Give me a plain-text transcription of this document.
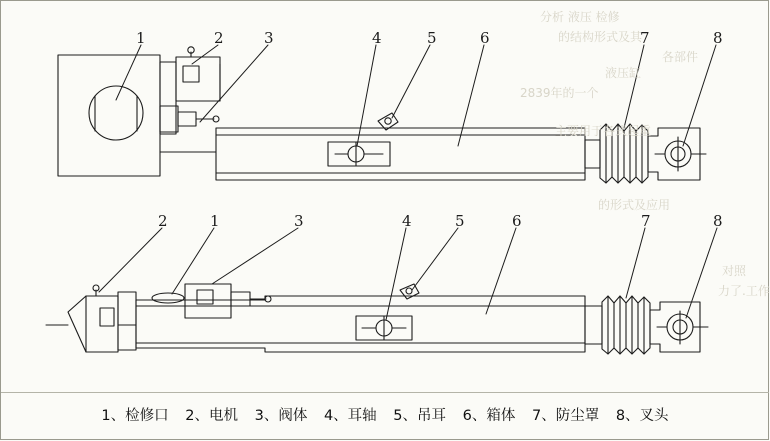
分析 液压 检修
的结构形式及其
各部件
液压缸
2839年的一个
主要用于各式起重
的形式及应用
对照
力了.工作
1	2	3	4	5	6	7	8
2	1	3	4	5	6	7	8
1、检修口 2、电机 3、阀体 4、耳轴 5、吊耳 6、箱体 7、防尘罩 8、叉头
